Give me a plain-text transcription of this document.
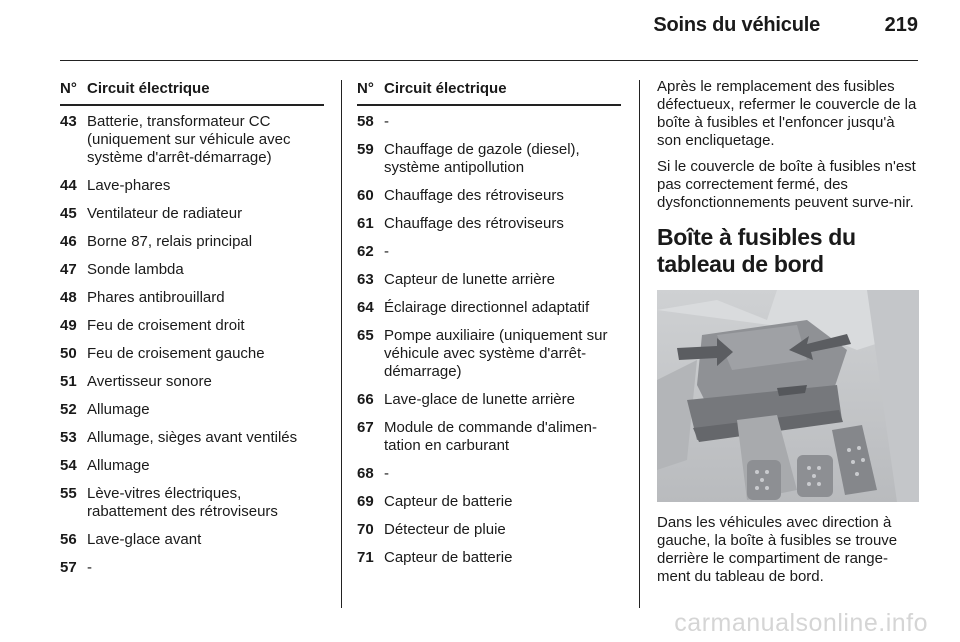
Soins du véhicule	219
N° Circuit électrique
43 Batterie, transformateur CC (uniquement sur véhicule avec système d'arrêt-démarrage)
44 Lave-phares
45 Ventilateur de radiateur
46 Borne 87, relais principal
47 Sonde lambda
48 Phares antibrouillard
49 Feu de croisement droit
50 Feu de croisement gauche
51 Avertisseur sonore
52 Allumage
53 Allumage, sièges avant ventilés
54 Allumage
55 Lève-vitres électriques, rabattement des rétroviseurs
56 Lave-glace avant
57 -
N° Circuit électrique
58 -
59 Chauffage de gazole (diesel), système antipollution
60 Chauffage des rétroviseurs
61 Chauffage des rétroviseurs
62 -
63 Capteur de lunette arrière
64 Éclairage directionnel adaptatif
65 Pompe auxiliaire (uniquement sur véhicule avec système d'arrêt-démarrage)
66 Lave-glace de lunette arrière
67 Module de commande d'alimen-tation en carburant
68 -
69 Capteur de batterie
70 Détecteur de pluie
71 Capteur de batterie

Après le remplacement des fusibles défectueux, refermer le couvercle de la boîte à fusibles et l'enfoncer jusqu'à son encliquetage.

Si le couvercle de boîte à fusibles n'est pas correctement fermé, des dysfonctionnements peuvent surve-nir.

Boîte à fusibles du tableau de bord

Dans les véhicules avec direction à gauche, la boîte à fusibles se trouve derrière le compartiment de range-ment du tableau de bord.

carmanualsonline.info
